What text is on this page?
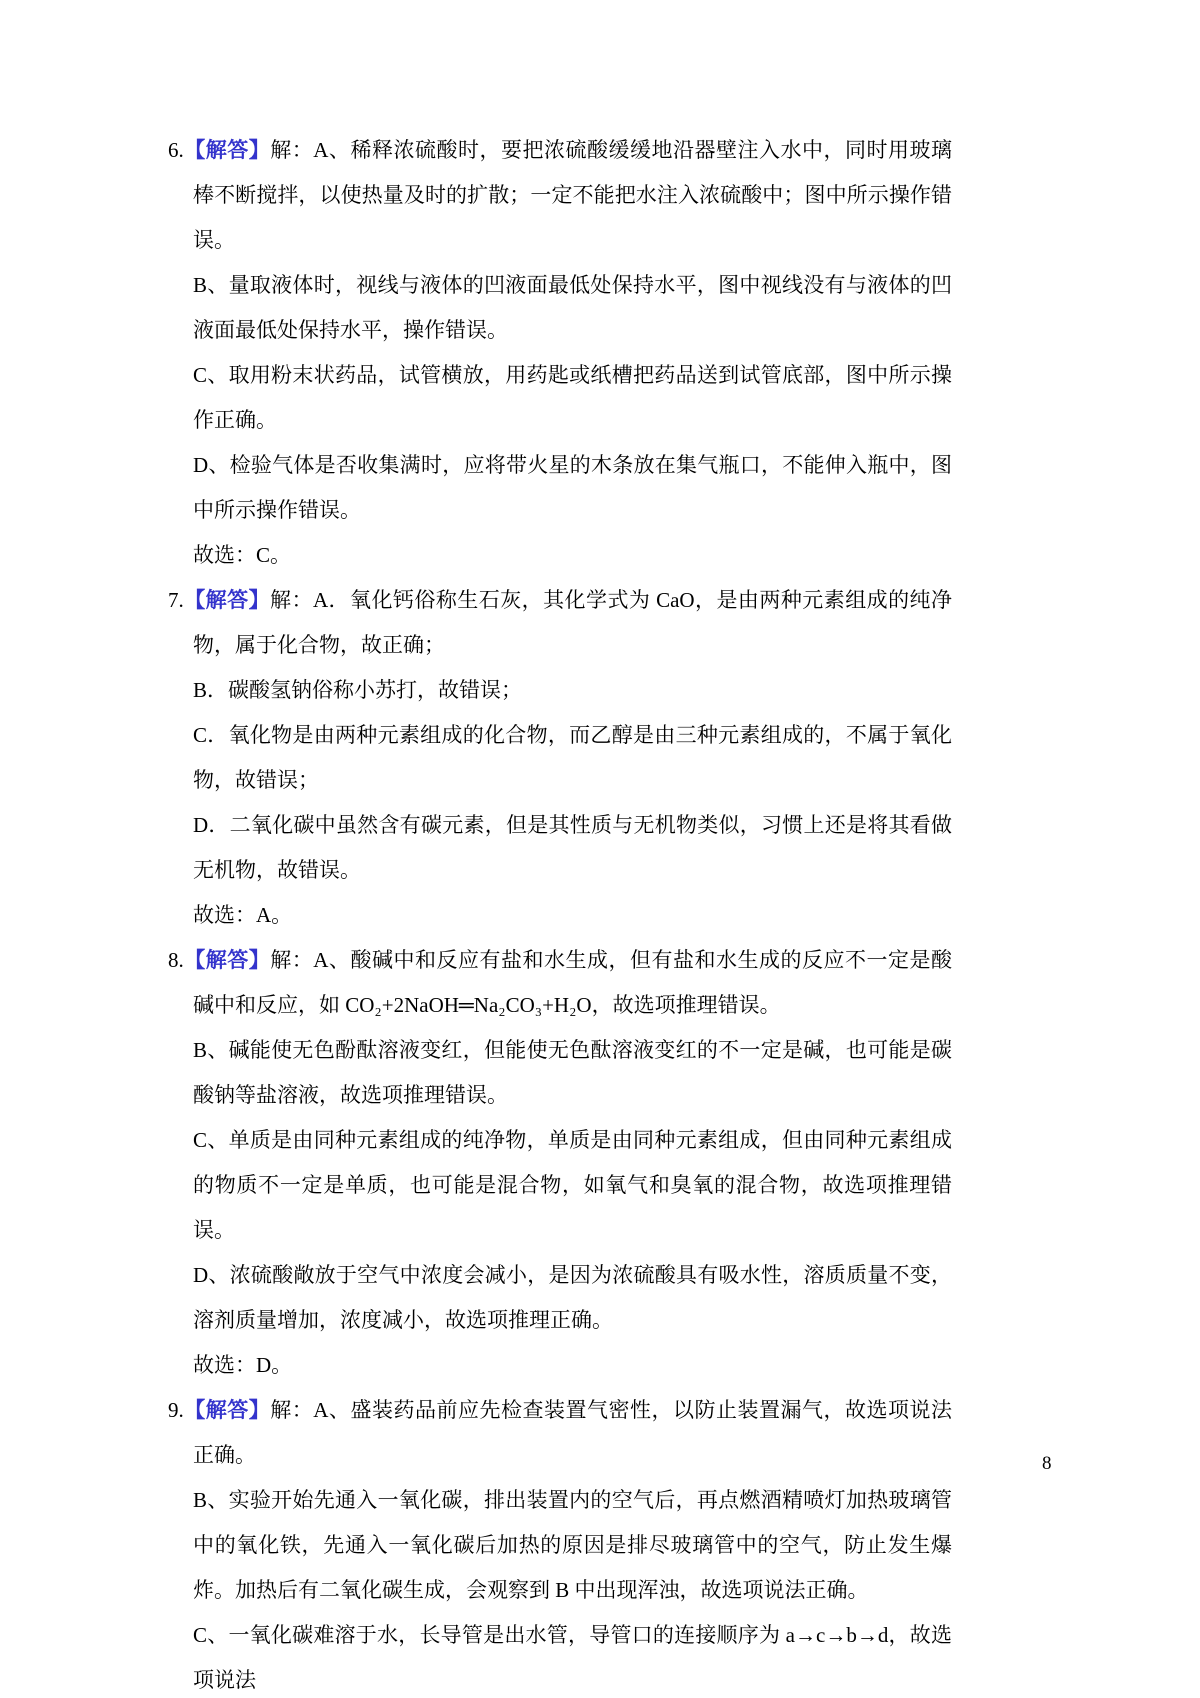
6.【解答】解：A、稀释浓硫酸时，要把浓硫酸缓缓地沿器壁注入水中，同时用玻璃棒不断搅拌，以使热量及时的扩散；一定不能把水注入浓硫酸中；图中所示操作错误。

B、量取液体时，视线与液体的凹液面最低处保持水平，图中视线没有与液体的凹液面最低处保持水平，操作错误。

C、取用粉末状药品，试管横放，用药匙或纸槽把药品送到试管底部，图中所示操作正确。

D、检验气体是否收集满时，应将带火星的木条放在集气瓶口，不能伸入瓶中，图中所示操作错误。

故选：C。

7.【解答】解：A．氧化钙俗称生石灰，其化学式为 CaO，是由两种元素组成的纯净物，属于化合物，故正确；

B．碳酸氢钠俗称小苏打，故错误；

C．氧化物是由两种元素组成的化合物，而乙醇是由三种元素组成的，不属于氧化物，故错误；

D．二氧化碳中虽然含有碳元素，但是其性质与无机物类似，习惯上还是将其看做无机物，故错误。

故选：A。

8.【解答】解：A、酸碱中和反应有盐和水生成，但有盐和水生成的反应不一定是酸碱中和反应，如 CO₂+2NaOH═Na₂CO₃+H₂O，故选项推理错误。

B、碱能使无色酚酞溶液变红，但能使无色酞溶液变红的不一定是碱，也可能是碳酸钠等盐溶液，故选项推理错误。

C、单质是由同种元素组成的纯净物，单质是由同种元素组成，但由同种元素组成的物质不一定是单质，也可能是混合物，如氧气和臭氧的混合物，故选项推理错误。

D、浓硫酸敞放于空气中浓度会减小，是因为浓硫酸具有吸水性，溶质质量不变，溶剂质量增加，浓度减小，故选项推理正确。

故选：D。

9.【解答】解：A、盛装药品前应先检查装置气密性，以防止装置漏气，故选项说法正确。

B、实验开始先通入一氧化碳，排出装置内的空气后，再点燃酒精喷灯加热玻璃管中的氧化铁，先通入一氧化碳后加热的原因是排尽玻璃管中的空气，防止发生爆炸。加热后有二氧化碳生成，会观察到 B 中出现浑浊，故选项说法正确。

C、一氧化碳难溶于水，长导管是出水管，导管口的连接顺序为 a→c→b→d，故选项说法

8
